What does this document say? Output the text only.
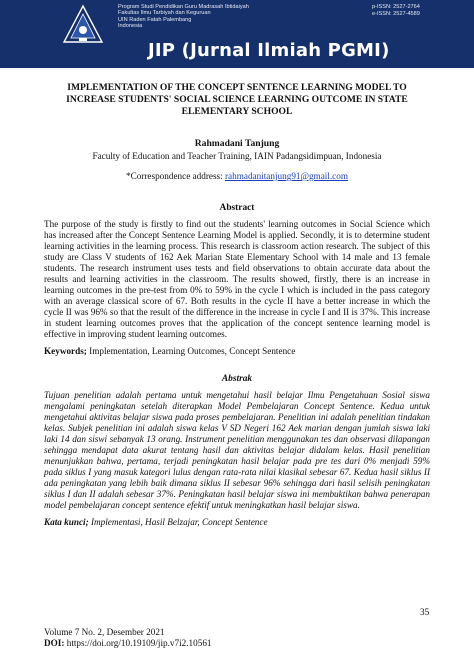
Program Studi Pendidikan Guru Madrasah Ibtidaiyah
Fakultas Ilmu Tarbiyah dan Keguruan
UIN Raden Fatah Palembang
Indonesia
p-ISSN: 2527-2764
e-ISSN: 2527-4589
JIP (Jurnal Ilmiah PGMI)
IMPLEMENTATION OF THE CONCEPT SENTENCE LEARNING MODEL TO INCREASE STUDENTS' SOCIAL SCIENCE LEARNING OUTCOME IN STATE ELEMENTARY SCHOOL
Rahmadani Tanjung
Faculty of Education and Teacher Training, IAIN Padangsidimpuan, Indonesia
*Correspondence address: rahmadanitanjung91@gmail.com
Abstract
The purpose of the study is firstly to find out the students' learning outcomes in Social Science which has increased after the Concept Sentence Learning Model is applied. Secondly, it is to determine student learning activities in the learning process. This research is classroom action research. The subject of this study are Class V students of 162 Aek Marian State Elementary School with 14 male and 13 female students. The research instrument uses tests and field observations to obtain accurate data about the results and learning activities in the classroom. The results showed, firstly, there is an increase in learning outcomes in the pre-test from 0% to 59% in the cycle I which is included in the pass category with an average classical score of 67. Both results in the cycle II have a better increase in which the cycle II was 96% so that the result of the difference in the increase in cycle I and II is 37%. This increase in student learning outcomes proves that the application of the concept sentence learning model is effective in improving student learning outcomes.
Keywords; Implementation, Learning Outcomes, Concept Sentence
Abstrak
Tujuan penelitian adalah pertama untuk mengetahui hasil belajar Ilmu Pengetahuan Sosial siswa mengalami peningkatan setelah diterapkan Model Pembelajaran Concept Sentence. Kedua untuk mengetahui aktivitas belajar siswa pada proses pembelajaran. Penelitian ini adalah penelitian tindakan kelas. Subjek penelitian ini adalah siswa kelas V SD Negeri 162 Aek marian dengan jumlah siswa laki laki 14 dan siswi sebanyak 13 orang. Instrument penelitian menggunakan tes dan observasi dilapangan sehingga mendapat data akurat tentang hasil dan aktivitas belajar didalam kelas. Hasil penelitian menunjukkan bahwa, pertama, terjadi peningkatan hasil belajar pada pre tes dari 0% menjadi 59% pada siklus I yang masuk kategori lulus dengan rata-rata nilai klasikal sebesar 67. Kedua hasil siklus II ada peningkatan yang lebih baik dimana siklus II sebesar 96% sehingga dari hasil selisih peningkatan siklus I dan II adalah sebesar 37%. Peningkatan hasil belajar siswa ini membuktikan bahwa penerapan model pembelajaran concept sentence efektif untuk meningkatkan hasil belajar siswa.
Kata kunci; Implementasi, Hasil Belzajar, Concept Sentence
35
Volume 7 No. 2, Desember 2021
DOI: https://doi.org/10.19109/jip.v7i2.10561
